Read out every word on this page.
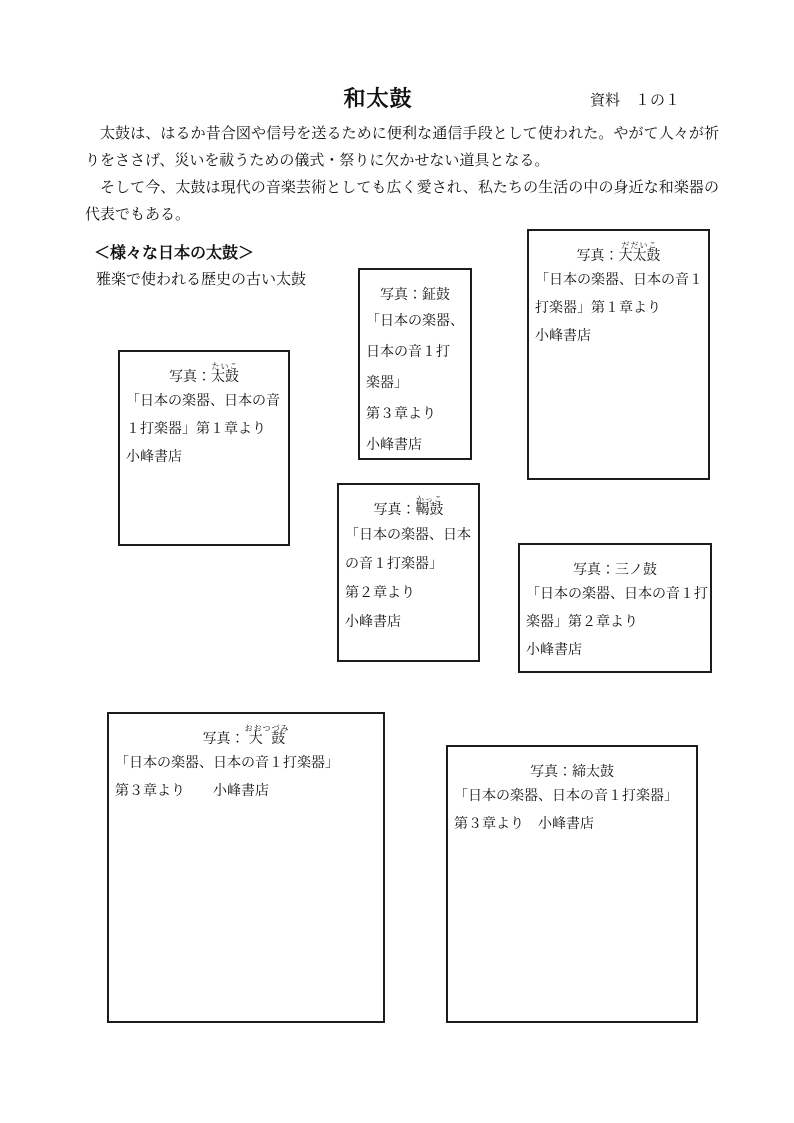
和太鼓	資料　１の１

太鼓は、はるか昔合図や信号を送るために便利な通信手段として使われた。やがて人々が祈りをささげ、災いを祓うための儀式・祭りに欠かせない道具となる。

そして今、太鼓は現代の音楽芸術としても広く愛され、私たちの生活の中の身近な和楽器の代表でもある。

＜様々な日本の太鼓＞

雅楽で使われる歴史の古い太鼓

写真： 太鼓たいこ
「日本の楽器、日本の音
１打楽器」第１章より
小峰書店
写真： 鉦鼓
「日本の楽器、
日本の音１打
楽器」
第３章より
小峰書店
写真： 大太鼓だだいこ
「日本の楽器、日本の音１
打楽器」第１章より
小峰書店
写真： 鞨鼓かっこ
「日本の楽器、日本
の音１打楽器」
第２章より
小峰書店
写真： 三ノ鼓
「日本の楽器、日本の音１打
楽器」第２章より
小峰書店
写真： 大鼓おおつづみ
「日本の楽器、日本の音１打楽器」
第３章より　　小峰書店
写真： 締太鼓
「日本の楽器、日本の音１打楽器」
第３章より　小峰書店
